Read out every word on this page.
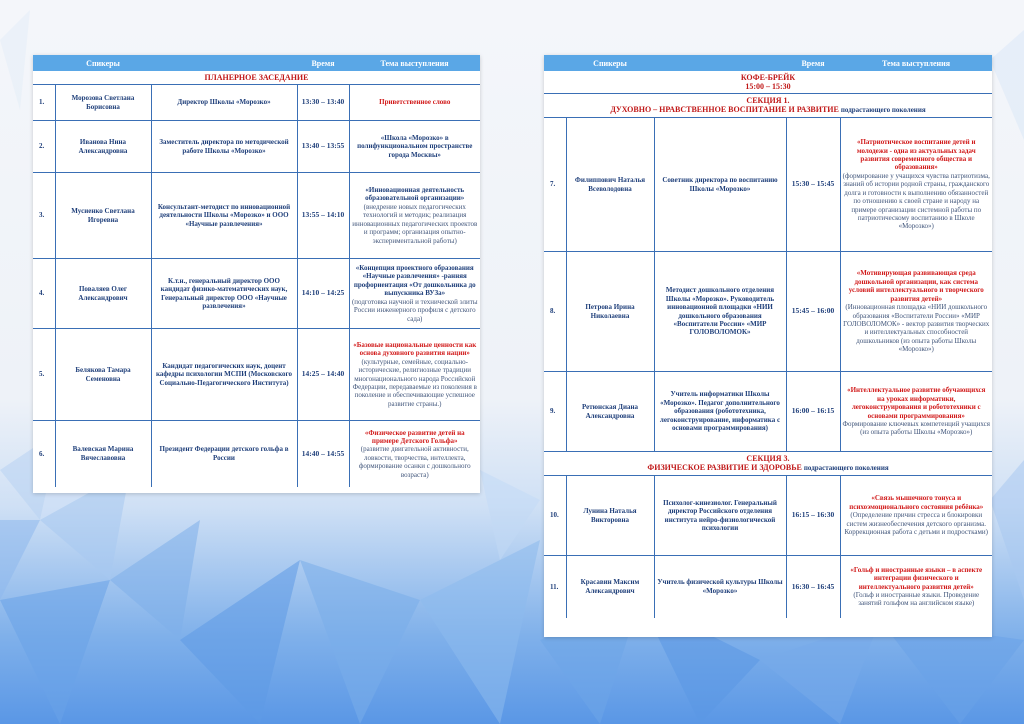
	Спикеры		Время	Тема выступления
ПЛАНЕРНОЕ ЗАСЕДАНИЕ				
1.	Морозова Светлана Борисовна	Директор Школы «Морозко»	13:30 – 13:40	Приветственное слово

2.	Иванова Нина Александровна	Заместитель директора по методической работе Школы «Морозко»	13:40 – 13:55	«Школа «Морозко» в полифункциональном пространстве города Москвы»
3.	Мусиенко Светлана Игоревна	Консультант-методист по инновационной деятельности Школы «Морозко» и ООО «Научные развлечения»	13:55 – 14:10	«Инновационная деятельность образовательной организации»
(внедрение новых педагогических технологий и методик; реализация инновационных педагогических проектов и программ; организация опытно-экспериментальной работы)

4.	Поваляев Олег Александрович	К.т.н., генеральный директор ООО кандидат физико-математических наук, Генеральный директор ООО «Научные развлечения»	14:10 – 14:25	«Концепция проектного образования «Научные развлечения» -ранняя профориентация «От дошкольника до выпускника ВУЗа»
(подготовка научной и технической элиты России инженерного профиля с детского сада)

5.	Белякова Тамара Семеновна	Кандидат педагогических наук, доцент кафедры психологии МСПИ (Московского Социально-Педагогического Института)	14:25 – 14:40	«Базовые национальные ценности как основа духовного развития нации»
(культурные, семейные, социально-исторические, религиозные традиции многонационального народа Российской Федерации, передаваемые из поколения в поколение и обеспечивающие успешное развитие страны.)

6.	Валевская Марина Вячеславовна	Президент Федерации детского гольфа в России	14:40 – 14:55	«Физическое развитие детей на примере Детского Гольфа»
(развитие двигательной активности, ловкости, творчества, интеллекта, формирование осанки с дошкольного возраста)
	Спикеры		Время	Тема выступления

КОФЕ-БРЕЙК
15:00 – 15:30				

СЕКЦИЯ 1.
ДУХОВНО – НРАВСТВЕННОЕ ВОСПИТАНИЕ И РАЗВИТИЕ подрастающего поколения				
7.	Филиппович Наталья Всеволодовна	Советник директора по воспитанию Школы «Морозко»	15:30 – 15:45	«Патриотическое воспитание детей и молодежи - одна из актуальных задач развития современного общества и образования»
(формирование у учащихся чувства патриотизма, знаний об истории родной страны, гражданского долга и готовности к выполнению обязанностей по отношению к своей стране и народу на примере организации системной работы по патриотическому воспитанию в Школе «Морозко»)

8.	Петрова Ирина Николаевна	Методист дошкольного отделения Школы «Морозко». Руководитель инновационной площадки «НИИ дошкольного образования «Воспитатели России» «МИР ГОЛОВОЛОМОК»	15:45 – 16:00	«Мотивирующая развивающая среда дошкольной организации, как система условий интеллектуального и творческого развития детей»
(Инновационная площадка «НИИ дошкольного образования «Воспитатели России» «МИР ГОЛОВОЛОМОК» - вектор развития творческих и интеллектуальных способностей дошкольников (из опыта работы Школы «Морозко»)

9.	Ретюнская Диана Александровна	Учитель информатики Школы «Морозко». Педагог дополнительного образования (робототехника, легоконструирование, информатика с основами программирования)	16:00 – 16:15	«Интеллектуальное развитие обучающихся на уроках информатики, легоконструирования и робототехники с основами программирования»
Формирование ключевых компетенций учащихся (из опыта работы Школы «Морозко»)

СЕКЦИЯ 3.
ФИЗИЧЕСКОЕ РАЗВИТИЕ И ЗДОРОВЬЕ подрастающего поколения				
10.	Лунина Наталья Викторовна	Психолог-кинезиолог. Генеральный директор Российского отделения института нейро-физиологической психологии	16:15 – 16:30	«Связь мышечного тонуса и психоэмоционального состояния ребёнка»
(Определение причин стресса и блокировки систем жизнеобеспечения детского организма. Коррекционная работа с детьми и подростками)

11.	Красавин Максим Александрович	Учитель физической культуры Школы «Морозко»	16:30 – 16:45	«Гольф и иностранные языки – в аспекте интеграции физического и интеллектуального развития детей»
(Гольф и иностранные языки. Проведение занятий гольфом на английском языке)
